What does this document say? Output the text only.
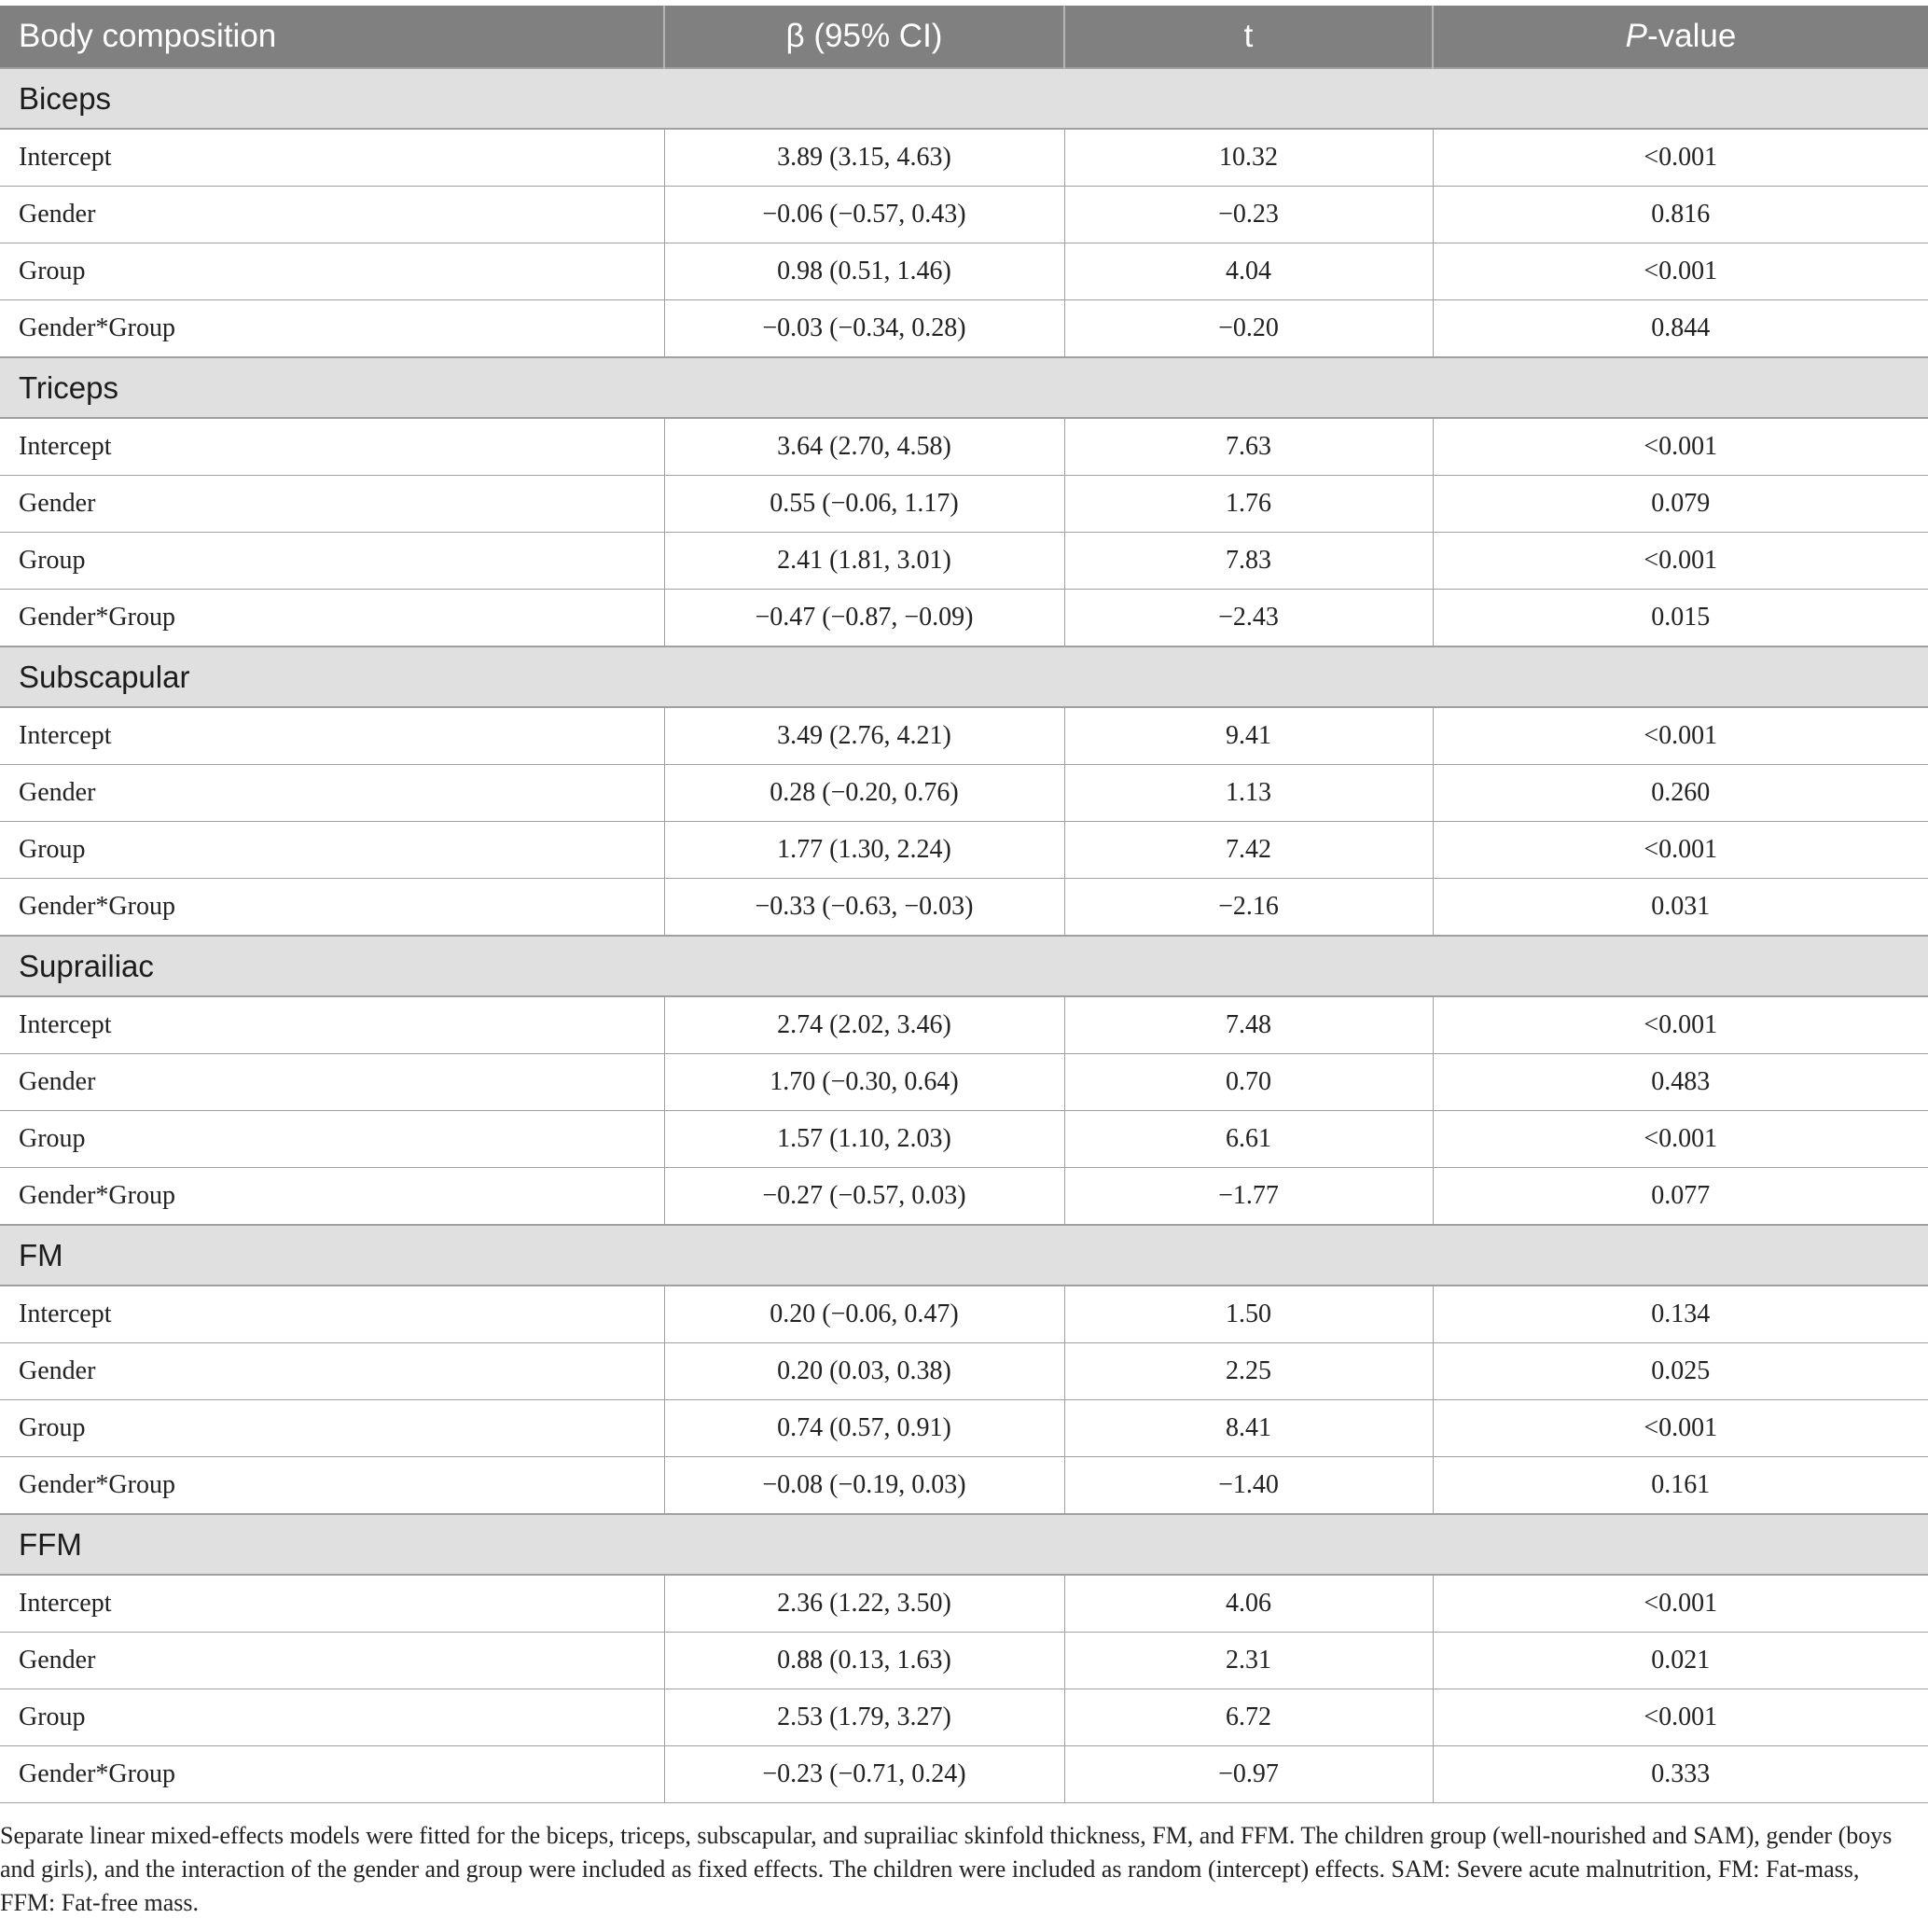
Body composition	β (95% CI)	t	P-value
Biceps			
Intercept	3.89 (3.15, 4.63)	10.32	<0.001
Gender	−0.06 (−0.57, 0.43)	−0.23	0.816
Group	0.98 (0.51, 1.46)	4.04	<0.001
Gender*Group	−0.03 (−0.34, 0.28)	−0.20	0.844
Triceps			
Intercept	3.64 (2.70, 4.58)	7.63	<0.001
Gender	0.55 (−0.06, 1.17)	1.76	0.079
Group	2.41 (1.81, 3.01)	7.83	<0.001
Gender*Group	−0.47 (−0.87, −0.09)	−2.43	0.015
Subscapular			
Intercept	3.49 (2.76, 4.21)	9.41	<0.001
Gender	0.28 (−0.20, 0.76)	1.13	0.260
Group	1.77 (1.30, 2.24)	7.42	<0.001
Gender*Group	−0.33 (−0.63, −0.03)	−2.16	0.031
Suprailiac			
Intercept	2.74 (2.02, 3.46)	7.48	<0.001
Gender	1.70 (−0.30, 0.64)	0.70	0.483
Group	1.57 (1.10, 2.03)	6.61	<0.001
Gender*Group	−0.27 (−0.57, 0.03)	−1.77	0.077
FM			
Intercept	0.20 (−0.06, 0.47)	1.50	0.134
Gender	0.20 (0.03, 0.38)	2.25	0.025
Group	0.74 (0.57, 0.91)	8.41	<0.001
Gender*Group	−0.08 (−0.19, 0.03)	−1.40	0.161
FFM			
Intercept	2.36 (1.22, 3.50)	4.06	<0.001
Gender	0.88 (0.13, 1.63)	2.31	0.021
Group	2.53 (1.79, 3.27)	6.72	<0.001
Gender*Group	−0.23 (−0.71, 0.24)	−0.97	0.333
Separate linear mixed-effects models were fitted for the biceps, triceps, subscapular, and suprailiac skinfold thickness, FM, and FFM. The children group (well-nourished and SAM), gender (boys and girls), and the interaction of the gender and group were included as fixed effects. The children were included as random (intercept) effects. SAM: Severe acute malnutrition, FM: Fat-mass, FFM: Fat-free mass.
